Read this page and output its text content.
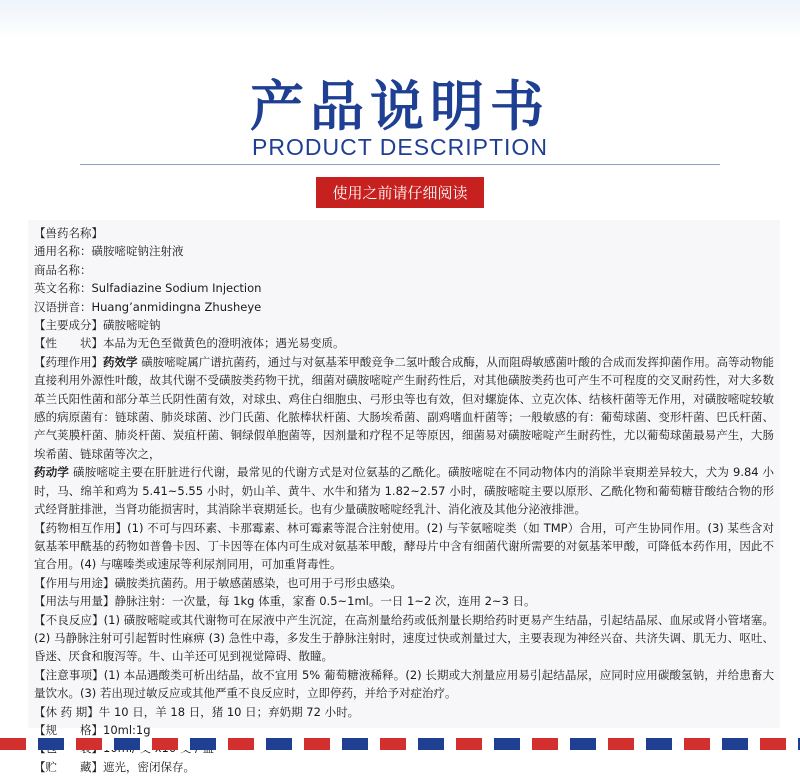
产品说明书
PRODUCT DESCRIPTION
使用之前请仔细阅读
【兽药名称】
通用名称：磺胺嘧啶钠注射液
商品名称：
英文名称：Sulfadiazine Sodium Injection
汉语拼音：Huang’anmidingna Zhusheye
【主要成分】磺胺嘧啶钠
【性　　状】本品为无色至微黄色的澄明液体；遇光易变质。
【药理作用】药效学 磺胺嘧啶属广谱抗菌药，通过与对氨基苯甲酸竞争二氢叶酸合成酶，从而阻碍敏感菌叶酸的合成而发挥抑菌作用。高等动物能直接利用外源性叶酸，故其代谢不受磺胺类药物干扰，细菌对磺胺嘧啶产生耐药性后，对其他磺胺类药也可产生不可程度的交叉耐药性，对大多数革兰氏阳性菌和部分革兰氏阴性菌有效，对球虫、鸡住白细胞虫、弓形虫等也有效，但对螺旋体、立克次体、结核杆菌等无作用，对磺胺嘧啶较敏感的病原菌有：链球菌、肺炎球菌、沙门氏菌、化脓棒状杆菌、大肠埃希菌、副鸡嗜血杆菌等；一般敏感的有：葡萄球菌、变形杆菌、巴氏杆菌、产气荚膜杆菌、肺炎杆菌、炭疽杆菌、铜绿假单胞菌等，因剂量和疗程不足等原因，细菌易对磺胺嘧啶产生耐药性，尤以葡萄球菌最易产生，大肠埃希菌、链球菌等次之，
药动学 磺胺嘧啶主要在肝脏进行代谢，最常见的代谢方式是对位氨基的乙酰化。磺胺嘧啶在不同动物体内的消除半衰期差异较大，犬为 9.84 小时，马、绵羊和鸡为 5.41~5.55 小时，奶山羊、黄牛、水牛和猪为 1.82~2.57 小时，磺胺嘧啶主要以原形、乙酰化物和葡萄糖苷酸结合物的形式经肾脏排泄，当肾功能损害时，其消除半衰期延长。也有少量磺胺嘧啶经乳汁、消化液及其他分泌液排泄。
【药物相互作用】(1) 不可与四环素、卡那霉素、林可霉素等混合注射使用。(2) 与苄氨嘧啶类（如 TMP）合用，可产生协同作用。(3) 某些含对氨基苯甲酰基的药物如普鲁卡因、丁卡因等在体内可生成对氨基苯甲酸，酵母片中含有细菌代谢所需要的对氨基苯甲酸，可降低本药作用，因此不宜合用。(4) 与噻嗪类或速尿等利尿剂同用，可加重肾毒性。
【作用与用途】磺胺类抗菌药。用于敏感菌感染，也可用于弓形虫感染。
【用法与用量】静脉注射：一次量，每 1kg 体重，家畜 0.5~1ml。一日 1~2 次，连用 2~3 日。
【不良反应】(1) 磺胺嘧啶或其代谢物可在尿液中产生沉淀，在高剂量给药或低剂量长期给药时更易产生结晶，引起结晶尿、血尿或肾小管堵塞。(2) 马静脉注射可引起暂时性麻痹 (3) 急性中毒，多发生于静脉注射时，速度过快或剂量过大，主要表现为神经兴奋、共济失调、肌无力、呕吐、昏迷、厌食和腹泻等。牛、山羊还可见到视觉障碍、散瞳。
【注意事项】(1) 本品遇酸类可析出结晶，故不宜用 5% 葡萄糖液稀释。(2) 长期或大剂量应用易引起结晶尿，应同时应用碳酸氢钠，并给患畜大量饮水。(3) 若出现过敏反应或其他严重不良反应时，立即停药，并给予对症治疗。
【休 药 期】牛 10 日，羊 18 日，猪 10 日；弃奶期 72 小时。
【规　　格】10ml:1g
【贮　　藏】遮光，密闭保存。
